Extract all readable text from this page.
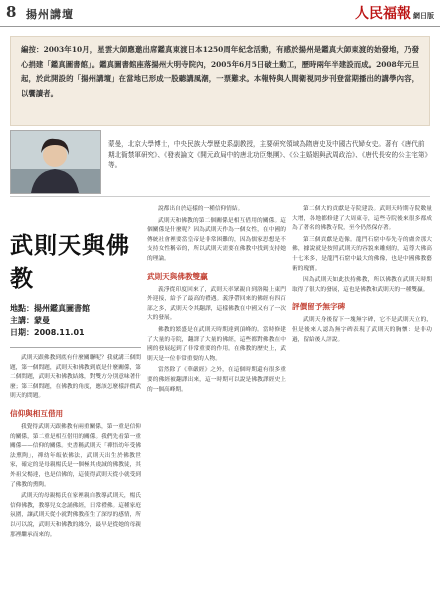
8 揚州講壇	人民福報 網日版
編按：2003年10月，星雲大師應邀出席鑑真東渡日本1250周年紀念活動，有感於揚州是鑑真大師東渡的始發地，乃發心捐建「鑑真圖書館」。鑑真圖書館座落揚州大明寺院內，2005年6月5日破土動工，歷時兩年半建設而成。2008年元旦起，於此開設的「揚州講壇」在當地已形成一股聽講風潮，一票難求。本報特與人間衛視同步刊登當期播出的講學內容，以饗讀者。
蒙曼，北京大學博士，中央民族大學歷史系副教授，主要研究領域為隋唐史及中國古代婦女史。著有《唐代前期北衙禁軍研究》、《發表論文《開元政局中的唐北功臣集團》、《公主婚姻與武周政治》、《唐代長安的公主宅第》等。
武則天與佛教
地點：揚州鑑真圖書館
主講：蒙曼
日期：2008.11.01

武則天跟佛教到底有什麼關聯呢？我就講三個問題，第一個問題，武則天和佛教到底是什麼關係，第二個問題，武則天和佛教結緣，對雙方分別意味著什麼；第三個問題，在佛教的角度，應該怎麼樣評價武則天的問題。

信仰與相互借用

我覺得武則天跟佛教有兩重關係，第一重是信仰的關係，第二重是相互借用的關係。我們先看第一重關係——信仰的關係。史書稱武則天「禪悟幼年受佛法熏陶」，禪幼年皈依佛法，武則天出生於佛教世家，確定的是母親楊氏是一個極其虔誠的佛教徒，其外祖父楊達，也是信佛的，這使得武則天從小就受到了佛教的熏陶。

武則天的母親楊氏在家裡親自教導武則天，楊氏信仰佛教，教導兒女念誦佛經，日常禮佛。這種家庭氛圍，讓武則天從小就對佛教產生了深厚的感情，所以可以說，武則天和佛教的緣分，最早是從她的母親那裡繼承而來的。

說都出自於這樣的一種信仰情結。

武則天和佛教的第二個關係是相互借用的關係。這個關係是什麼呢？因為武則天作為一個女性，在中國的傳統社會裡要當皇帝是非常困難的，因為儒家思想是不支持女性稱帝的，所以武則天需要在佛教中找到支持她的理論。

武則天與佛教雙贏

義淨從印度回來了，武則天率眾親自到洛陽上東門外迎接，給予了最高的禮遇。義淨帶回來的佛經有四百部之多，武則天令其翻譯，這樣佛教在中國又有了一次大的發展。

佛教的繁盛是在武則天時期達到頂峰的。當時修建了大量的寺院，翻譯了大量的佛經，這些都對佛教在中國的發展起到了非常重要的作用。在佛教的歷史上，武則天是一位非常重要的人物。

當然除了《華嚴經》之外，在這個時期還有很多重要的佛經被翻譯出來，這一時期可以說是佛教譯經史上的一個高峰期。

第二個大的貢獻是寺院建設。武則天時期寺院數量大增，各地都修建了大周東寺，這些寺院後來很多都成為了著名的佛教寺院，至今仍然保存著。

第三個貢獻是造像。龍門石窟中奉先寺的盧舍那大佛，據說就是按照武則天的容貌來雕刻的，這尊大佛高十七米多，是龍門石窟中最大的佛像，也是中國佛教藝術的瑰寶。

因為武則天如此扶持佛教，所以佛教在武則天時期取得了很大的發展，這也是佛教和武則天的一種雙贏。

評價留予無字碑

武則天身後留下一塊無字碑，它不是武則天立的，但是後來人認為無字碑表現了武則天的胸懷：是非功過，留給後人評說。
